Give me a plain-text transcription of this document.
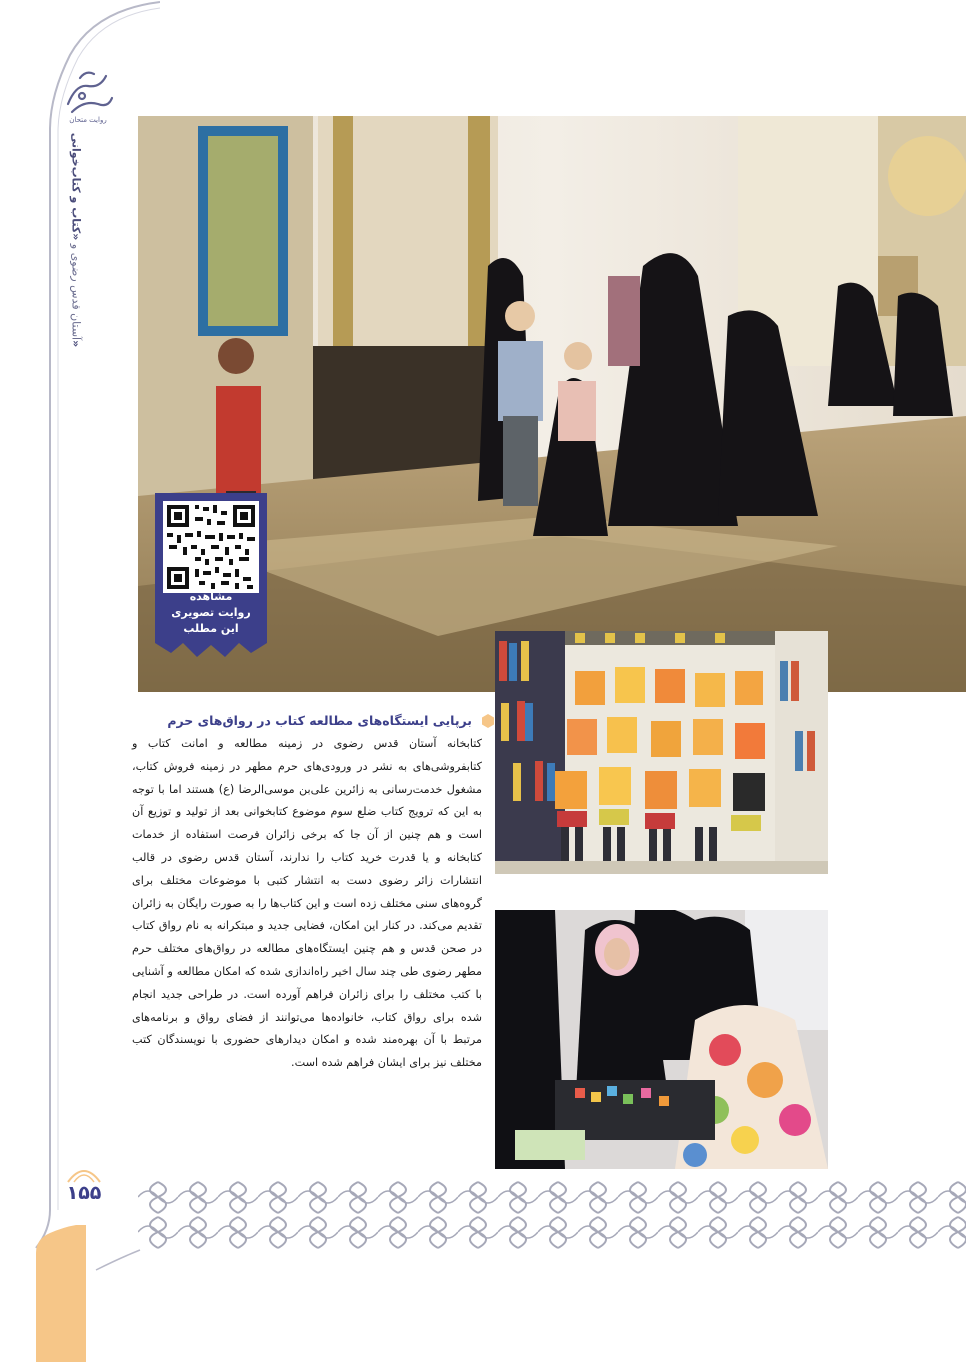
روایت متحان
آستان قدس رضوی و «کتاب و کتاب‌خوانی»
مشاهده
روایت تصویری
این مطلب
برپایی ایستگاه‌های مطالعه کتاب در رواق‌های حرم
کتابخانه آستان قدس رضوی در زمینه مطالعه و امانت کتاب و کتابفروشی‌های به نشر در ورودی‌های حرم مطهر در زمینه فروش کتاب، مشغول خدمت‌رسانی به زائرین علی‌بن موسی‌الرضا (ع) هستند اما با توجه به این که ترویج کتاب ضلع سوم موضوع کتابخوانی بعد از تولید و توزیع آن است و هم چنین از آن جا که برخی زائران فرصت استفاده از خدمات کتابخانه و یا قدرت خرید کتاب را ندارند، آستان قدس رضوی در قالب انتشارات زائر رضوی دست به انتشار کتبی با موضوعات مختلف برای گروه‌های سنی مختلف زده است و این کتاب‌ها را به صورت رایگان به زائران تقدیم می‌کند. در کنار این امکان، فضایی جدید و مبتکرانه به نام رواق کتاب در صحن قدس و هم چنین ایستگاه‌های مطالعه در رواق‌های مختلف حرم مطهر رضوی طی چند سال اخیر راه‌اندازی شده که امکان مطالعه و آشنایی با کتب مختلف را برای زائران فراهم آورده است. در طراحی جدید انجام شده برای رواق کتاب، خانواده‌ها می‌توانند از فضای رواق و برنامه‌های مرتبط با آن بهره‌مند شده و امکان دیدارهای حضوری با نویسندگان کتب مختلف نیز برای ایشان فراهم شده است.
۱۵۵
